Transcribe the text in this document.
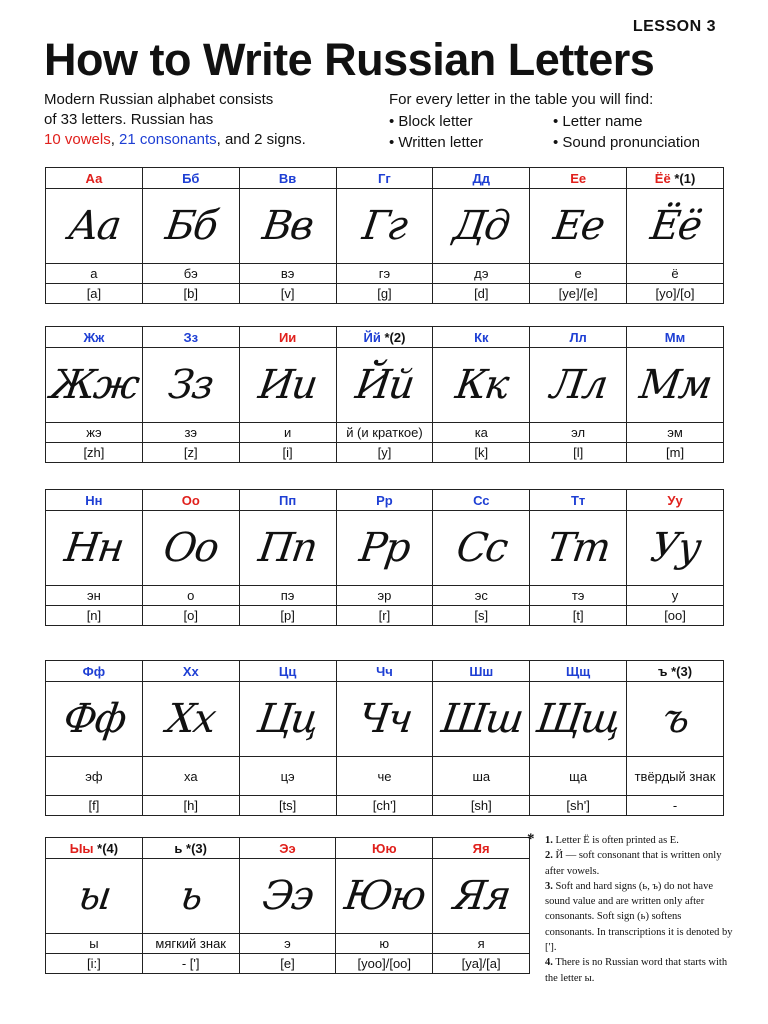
LESSON 3
How to Write Russian Letters
Modern Russian alphabet consists
of 33 letters. Russian has
10 vowels, 21 consonants, and 2 signs.
For every letter in the table you will find:
• Block letter	• Letter name
• Written letter	• Sound pronunciation
Аа	Бб	Вв	Гг	Дд	Ее	Ёё *(1)
Аа	Бб	Вв	Гг	Дд	Ее	Ёё
а	бэ	вэ	гэ	дэ	е	ё
[a]	[b]	[v]	[g]	[d]	[ye]/[e]	[yo]/[o]
Жж	Зз	Ии	Йй *(2)	Кк	Лл	Мм
Жж	Зз	Ии	Йй	Кк	Лл	Мм
жэ	зэ	и	й (и краткое)	ка	эл	эм
[zh]	[z]	[i]	[y]	[k]	[l]	[m]
Нн	Оо	Пп	Рр	Сс	Тт	Уу
Нн	Оо	Пп	Рр	Сс	Тт	Уу
эн	о	пэ	эр	эс	тэ	у
[n]	[o]	[p]	[r]	[s]	[t]	[oo]
Фф	Хх	Цц	Чч	Шш	Щщ	ъ *(3)
Фф	Хх	Цц	Чч	Шш	Щщ	ъ
эф	ха	цэ	че	ша	ща	твёрдый знак
[f]	[h]	[ts]	[ch']	[sh]	[sh']	-
Ыы *(4)	ь *(3)	Ээ	Юю	Яя
ы	ь	Ээ	Юю	Яя
ы	мягкий знак	э	ю	я
[i:]	- [']	[e]	[yoo]/[oo]	[ya]/[a]
* 1. Letter Ё is often printed as Е.

2. Й — soft consonant that is written only after vowels.

3. Soft and hard signs (ь, ъ) do not have sound value and are written only after consonants. Soft sign (ь) softens consonants. In transcriptions it is denoted by ['].

4. There is no Russian word that starts with the letter ы.
